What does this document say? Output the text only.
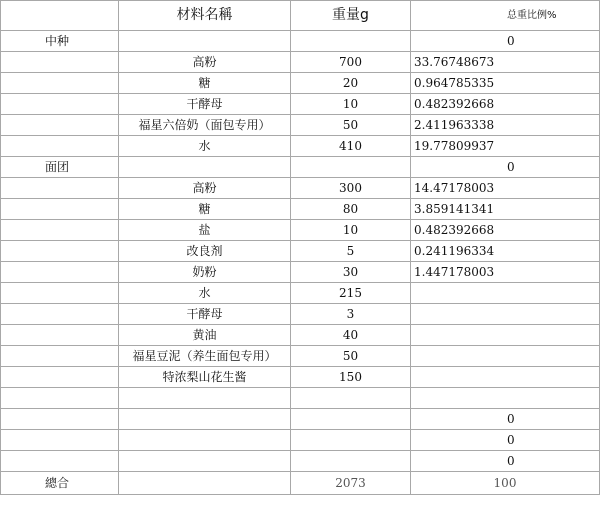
	材料名稱	重量g	总重比例%
中种			0
	高粉	700	33.76748673
	糖	20	0.964785335
	干酵母	10	0.482392668
	福星六倍奶（面包专用）	50	2.411963338
	水	410	19.77809937
面团			0
	高粉	300	14.47178003
	糖	80	3.859141341
	盐	10	0.482392668
	改良剂	5	0.241196334
	奶粉	30	1.447178003
	水	215	
	干酵母	3	
	黄油	40	
	福星豆泥（养生面包专用）	50	
	特浓梨山花生酱	150	

			0
			0
			0
總合		2073	100
